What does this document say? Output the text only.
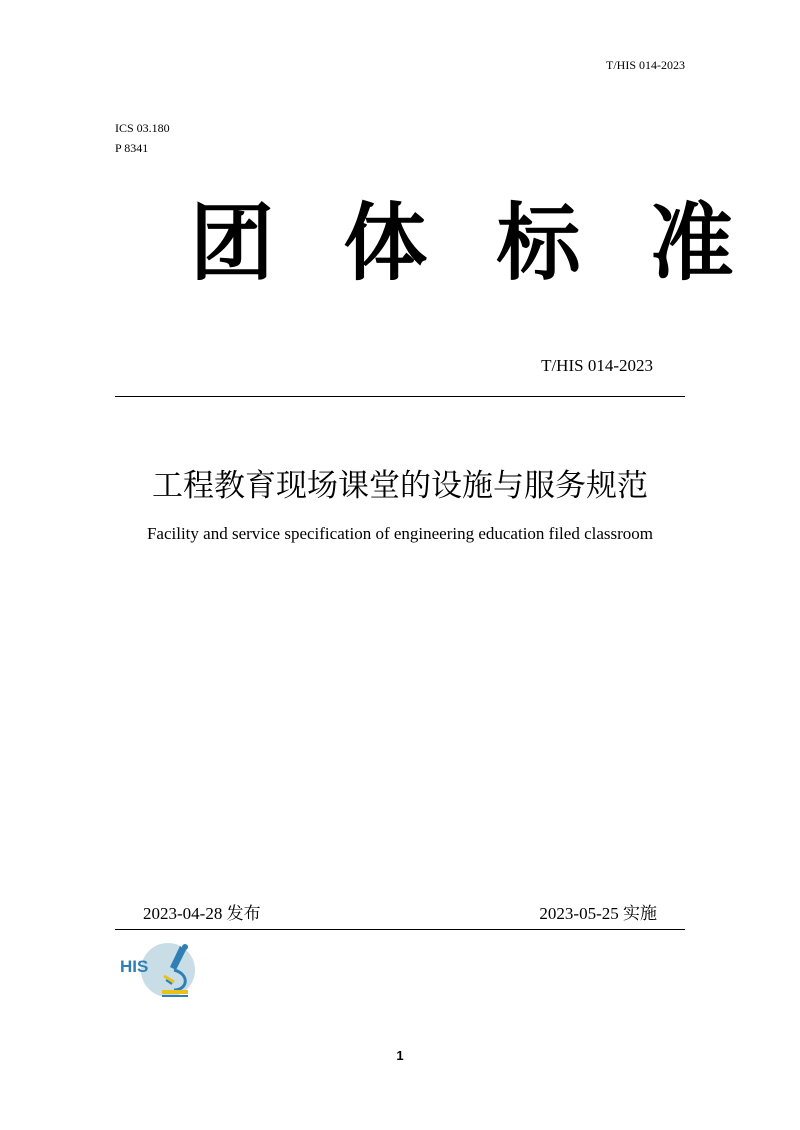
T/HIS 014-2023
ICS 03.180
P 8341
团 体 标 准
T/HIS 014-2023
工程教育现场课堂的设施与服务规范
Facility and service specification of engineering education filed classroom
2023-04-28 发布	2023-05-25 实施
HIS
1
